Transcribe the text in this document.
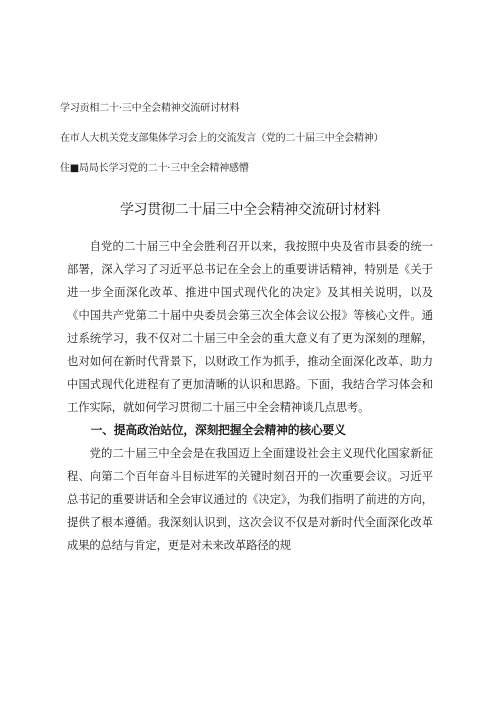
学习贡相二十·三中全会精神交流研讨材料
在市人大机关党支部集体学习会上的交流发言（党的二十届三中全会精神）
住■局局长学习党的二十·三中全会精神感懵
学习贯彻二十届三中全会精神交流研讨材料

自党的二十届三中全会胜利召开以来，我按照中央及省市县委的统一部署，深入学习了习近平总书记在全会上的重要讲话精神，特别是《关于进一步全面深化改革、推进中国式现代化的决定》及其相关说明，以及《中国共产党第二十届中央委员会第三次全体会议公报》等核心文件。通过系统学习，我不仅对二十届三中全会的重大意义有了更为深刻的理解，也对如何在新时代背景下，以财政工作为抓手，推动全面深化改革、助力中国式现代化进程有了更加清晰的认识和思路。下面，我结合学习体会和工作实际，就如何学习贯彻二十届三中全会精神谈几点思考。

一、提高政治站位，深刻把握全会精神的核心要义

党的二十届三中全会是在我国迈上全面建设社会主义现代化国家新征程、向第二个百年奋斗目标进军的关键时刻召开的一次重要会议。习近平总书记的重要讲话和全会审议通过的《决定》，为我们指明了前进的方向，提供了根本遵循。我深刻认识到，这次会议不仅是对新时代全面深化改革成果的总结与肯定，更是对未来改革路径的规
